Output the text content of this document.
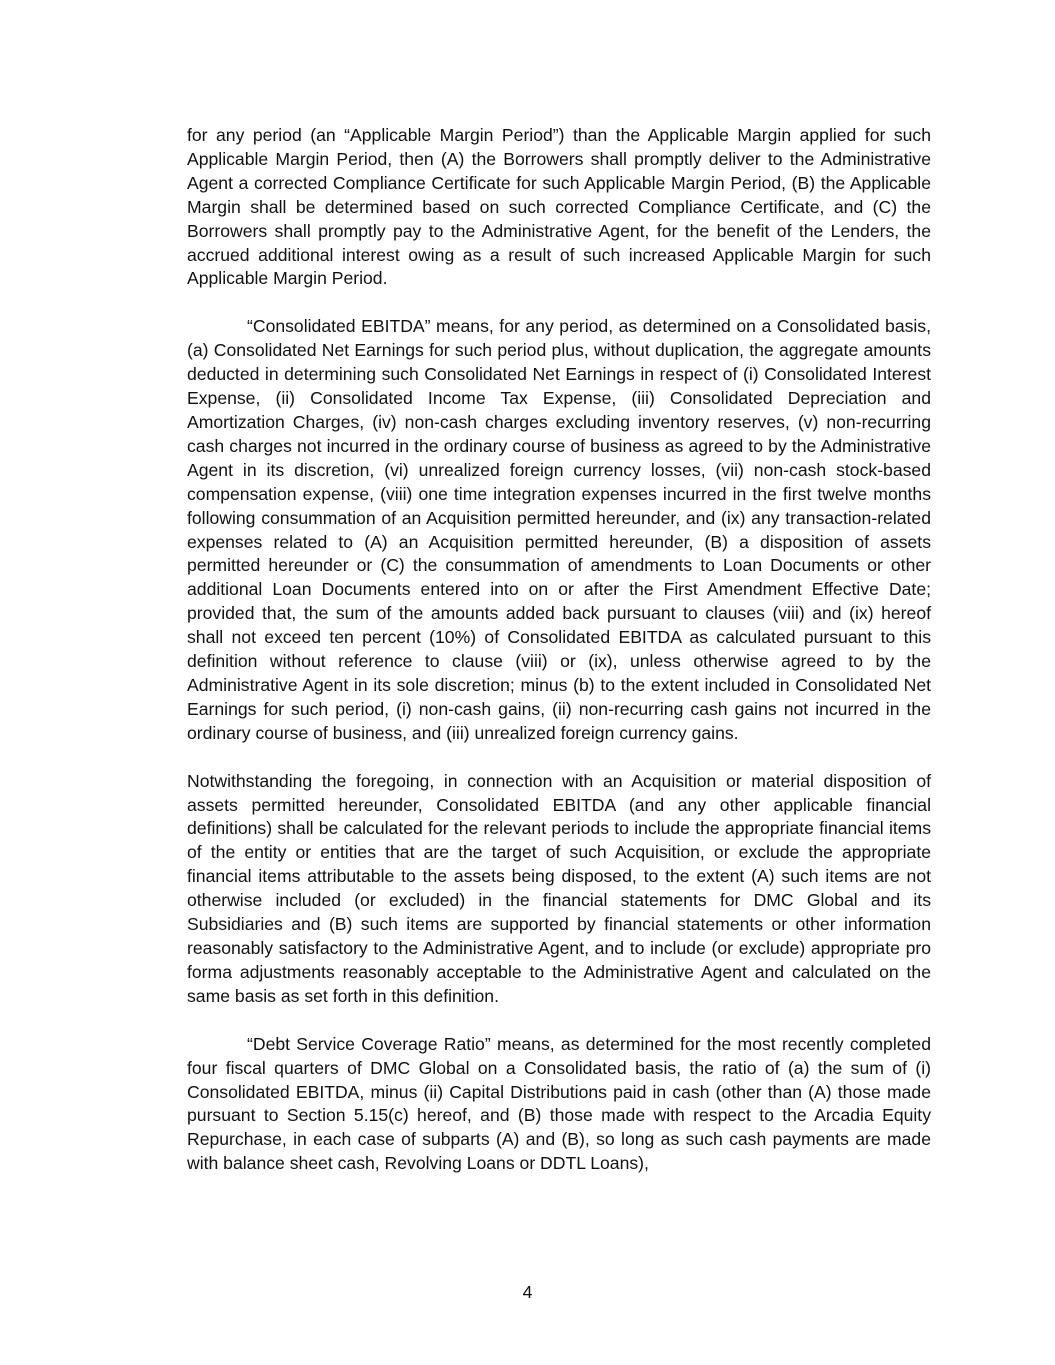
for any period (an “Applicable Margin Period”) than the Applicable Margin applied for such Applicable Margin Period, then (A) the Borrowers shall promptly deliver to the Administrative Agent a corrected Compliance Certificate for such Applicable Margin Period, (B) the Applicable Margin shall be determined based on such corrected Compliance Certificate, and (C) the Borrowers shall promptly pay to the Administrative Agent, for the benefit of the Lenders, the accrued additional interest owing as a result of such increased Applicable Margin for such Applicable Margin Period.

“Consolidated EBITDA” means, for any period, as determined on a Consolidated basis, (a) Consolidated Net Earnings for such period plus, without duplication, the aggregate amounts deducted in determining such Consolidated Net Earnings in respect of (i) Consolidated Interest Expense, (ii) Consolidated Income Tax Expense, (iii) Consolidated Depreciation and Amortization Charges, (iv) non-cash charges excluding inventory reserves, (v) non-recurring cash charges not incurred in the ordinary course of business as agreed to by the Administrative Agent in its discretion, (vi) unrealized foreign currency losses, (vii) non-cash stock-based compensation expense, (viii) one time integration expenses incurred in the first twelve months following consummation of an Acquisition permitted hereunder, and (ix) any transaction-related expenses related to (A) an Acquisition permitted hereunder, (B) a disposition of assets permitted hereunder or (C) the consummation of amendments to Loan Documents or other additional Loan Documents entered into on or after the First Amendment Effective Date; provided that, the sum of the amounts added back pursuant to clauses (viii) and (ix) hereof shall not exceed ten percent (10%) of Consolidated EBITDA as calculated pursuant to this definition without reference to clause (viii) or (ix), unless otherwise agreed to by the Administrative Agent in its sole discretion; minus (b) to the extent included in Consolidated Net Earnings for such period, (i) non-cash gains, (ii) non-recurring cash gains not incurred in the ordinary course of business, and (iii) unrealized foreign currency gains.

Notwithstanding the foregoing, in connection with an Acquisition or material disposition of assets permitted hereunder, Consolidated EBITDA (and any other applicable financial definitions) shall be calculated for the relevant periods to include the appropriate financial items of the entity or entities that are the target of such Acquisition, or exclude the appropriate financial items attributable to the assets being disposed, to the extent (A) such items are not otherwise included (or excluded) in the financial statements for DMC Global and its Subsidiaries and (B) such items are supported by financial statements or other information reasonably satisfactory to the Administrative Agent, and to include (or exclude) appropriate pro forma adjustments reasonably acceptable to the Administrative Agent and calculated on the same basis as set forth in this definition.

“Debt Service Coverage Ratio” means, as determined for the most recently completed four fiscal quarters of DMC Global on a Consolidated basis, the ratio of (a) the sum of (i) Consolidated EBITDA, minus (ii) Capital Distributions paid in cash (other than (A) those made pursuant to Section 5.15(c) hereof, and (B) those made with respect to the Arcadia Equity Repurchase, in each case of subparts (A) and (B), so long as such cash payments are made with balance sheet cash, Revolving Loans or DDTL Loans),

4
